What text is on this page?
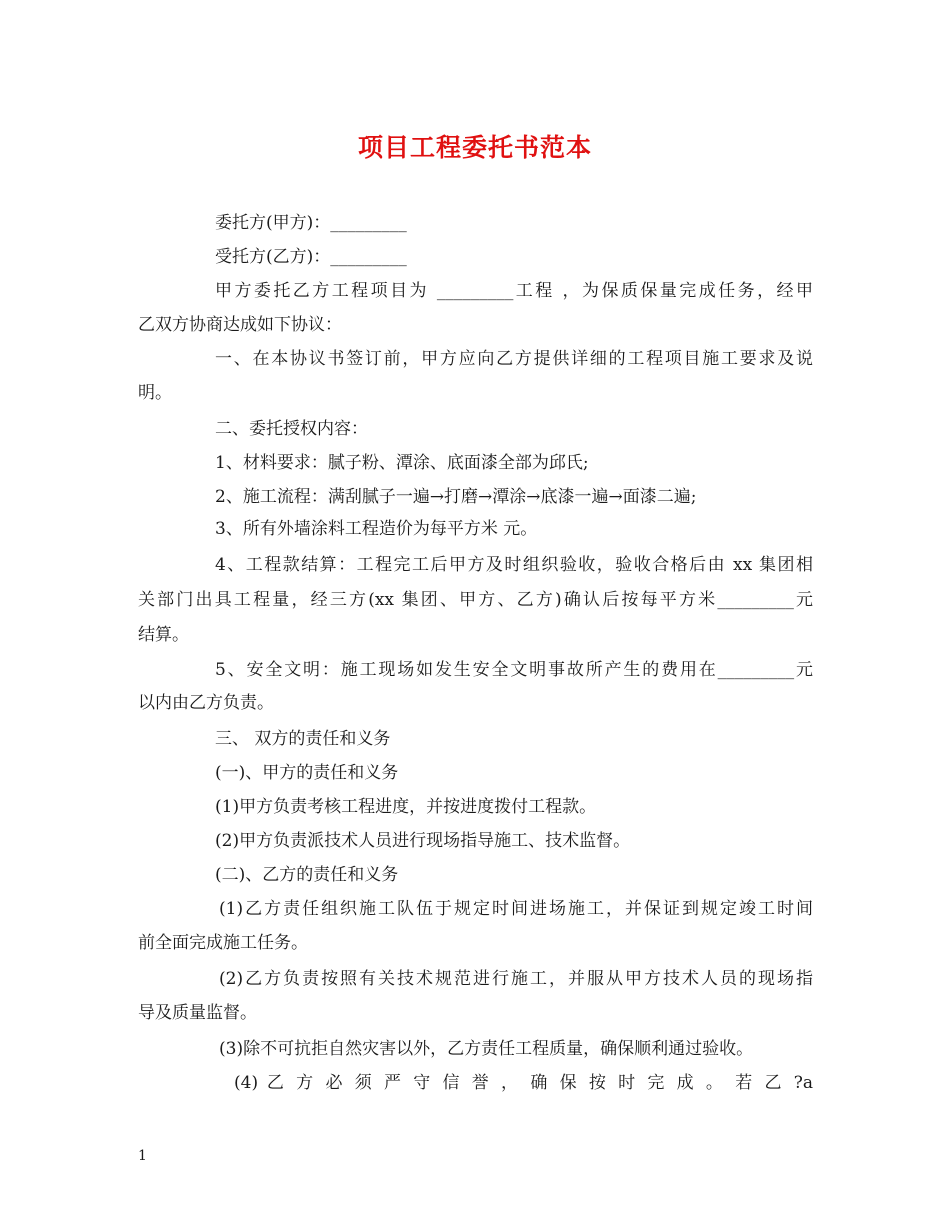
项目工程委托书范本
委托方(甲方)：_________
受托方(乙方)：_________
甲方委托乙方工程项目为 _________工程 ，为保质保量完成任务，经甲
乙双方协商达成如下协议：
一、在本协议书签订前，甲方应向乙方提供详细的工程项目施工要求及说
明。
二、委托授权内容：
1、材料要求：腻子粉、潭涂、底面漆全部为邱氏;
2、施工流程：满刮腻子一遍→打磨→潭涂→底漆一遍→面漆二遍;
3、所有外墙涂料工程造价为每平方米 元。
4、工程款结算：工程完工后甲方及时组织验收，验收合格后由 xx 集团相
关部门出具工程量，经三方(xx 集团、甲方、乙方)确认后按每平方米_________元
结算。
5、安全文明：施工现场如发生安全文明事故所产生的费用在_________元
以内由乙方负责。
三、 双方的责任和义务
(一)、甲方的责任和义务
(1)甲方负责考核工程进度，并按进度拨付工程款。
(2)甲方负责派技术人员进行现场指导施工、技术监督。
(二)、乙方的责任和义务
(1)乙方责任组织施工队伍于规定时间进场施工，并保证到规定竣工时间
前全面完成施工任务。
(2)乙方负责按照有关技术规范进行施工，并服从甲方技术人员的现场指
导及质量监督。
(3)除不可抗拒自然灾害以外，乙方责任工程质量，确保顺利通过验收。
(4) 乙 方 必 须 严 守 信 誉 ， 确 保 按 时 完 成 。 若 乙 ?a
1
